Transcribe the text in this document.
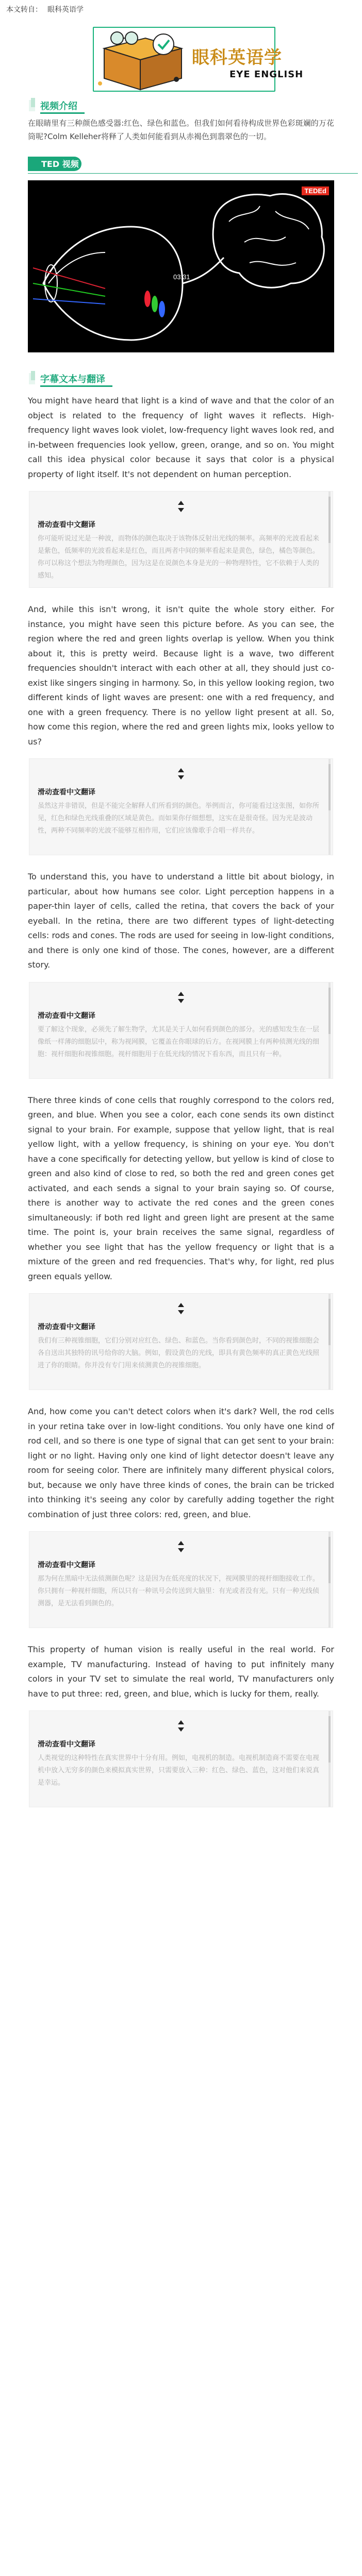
本文转自： 眼科英语学
眼科英语学
EYE ENGLISH
视频介绍
在眼睛里有三种颜色感受器:红色、绿色和蓝色。但我们如何看待构成世界色彩斑斓的万花筒呢?Colm Kelleher将释了人类如何能看到从赤褐色到翡翠色的一切。
TED 视频
TEDEd
03:31
字幕文本与翻译
You might have heard that light is a kind of wave and that the color of an object is related to the frequency of light waves it reflects. High-frequency light waves look violet, low-frequency light waves look red, and in-between frequencies look yellow, green, orange, and so on. You might call this idea physical color because it says that color is a physical property of light itself. It's not dependent on human perception.
滑动查看中文翻译
你可能听说过光是一种波，而物体的颜色取决于该物体反射出光线的频率。高频率的光波看起来是紫色，低频率的光波看起来是红色，而且两者中间的频率看起来是黄色，绿色，橘色等颜色。你可以称这个想法为物理颜色，因为这是在说颜色本身是光的一种物理特性，它不依赖于人类的感知。
And, while this isn't wrong, it isn't quite the whole story either. For instance, you might have seen this picture before. As you can see, the region where the red and green lights overlap is yellow. When you think about it, this is pretty weird. Because light is a wave, two different frequencies shouldn't interact with each other at all, they should just co-exist like singers singing in harmony. So, in this yellow looking region, two different kinds of light waves are present: one with a red frequency, and one with a green frequency. There is no yellow light present at all. So, how come this region, where the red and green lights mix, looks yellow to us?
滑动查看中文翻译
虽然这并非错误，但是不能完全解释人们所看到的颜色。举例而言，你可能看过这张图，如你所见，红色和绿色光线重叠的区域是黄色。而如果你仔细想想，这实在是很奇怪。因为光是波动性，两种不同频率的光波不能够互相作用，它们应该像歌手合唱一样共存。
To understand this, you have to understand a little bit about biology, in particular, about how humans see color. Light perception happens in a paper-thin layer of cells, called the retina, that covers the back of your eyeball. In the retina, there are two different types of light-detecting cells: rods and cones. The rods are used for seeing in low-light conditions, and there is only one kind of those. The cones, however, are a different story.
滑动查看中文翻译
要了解这个现象，必须先了解生物学，尤其是关于人如何看到颜色的部分。光的感知发生在一层像纸一样薄的细胞层中，称为视网膜，它覆盖在你眼球的后方。在视网膜上有两种侦测光线的细胞：视杆细胞和视锥细胞。视杆细胞用于在低光线的情况下看东西，而且只有一种。
There three kinds of cone cells that roughly correspond to the colors red, green, and blue. When you see a color, each cone sends its own distinct signal to your brain. For example, suppose that yellow light, that is real yellow light, with a yellow frequency, is shining on your eye. You don't have a cone specifically for detecting yellow, but yellow is kind of close to green and also kind of close to red, so both the red and green cones get activated, and each sends a signal to your brain saying so. Of course, there is another way to activate the red cones and the green cones simultaneously: if both red light and green light are present at the same time. The point is, your brain receives the same signal, regardless of whether you see light that has the yellow frequency or light that is a mixture of the green and red frequencies. That's why, for light, red plus green equals yellow.
滑动查看中文翻译
我们有三种视锥细胞，它们分别对应红色、绿色、和蓝色。当你看到颜色时，不同的视锥细胞会各自送出其独特的讯号给你的大脑。例如，假设黄色的光线，即具有黄色频率的真正黄色光线照进了你的眼睛。你并没有专门用来侦测黄色的视锥细胞。
And, how come you can't detect colors when it's dark? Well, the rod cells in your retina take over in low-light conditions. You only have one kind of rod cell, and so there is one type of signal that can get sent to your brain: light or no light. Having only one kind of light detector doesn't leave any room for seeing color. There are infinitely many different physical colors, but, because we only have three kinds of cones, the brain can be tricked into thinking it's seeing any color by carefully adding together the right combination of just three colors: red, green, and blue.
滑动查看中文翻译
那为何在黑暗中无法侦测颜色呢？这是因为在低亮度的状况下，视网膜里的视杆细胞接收工作。你只拥有一种视杆细胞，所以只有一种讯号会传送到大脑里：有光或者没有光。只有一种光线侦测器，是无法看到颜色的。
This property of human vision is really useful in the real world. For example, TV manufacturing. Instead of having to put infinitely many colors in your TV set to simulate the real world, TV manufacturers only have to put three: red, green, and blue, which is lucky for them, really.
滑动查看中文翻译
人类视觉的这种特性在真实世界中十分有用。例如，电视机的制造。电视机制造商不需要在电视机中放入无穷多的颜色来模拟真实世界，只需要放入三种：红色、绿色、蓝色，这对他们来说真是幸运。
